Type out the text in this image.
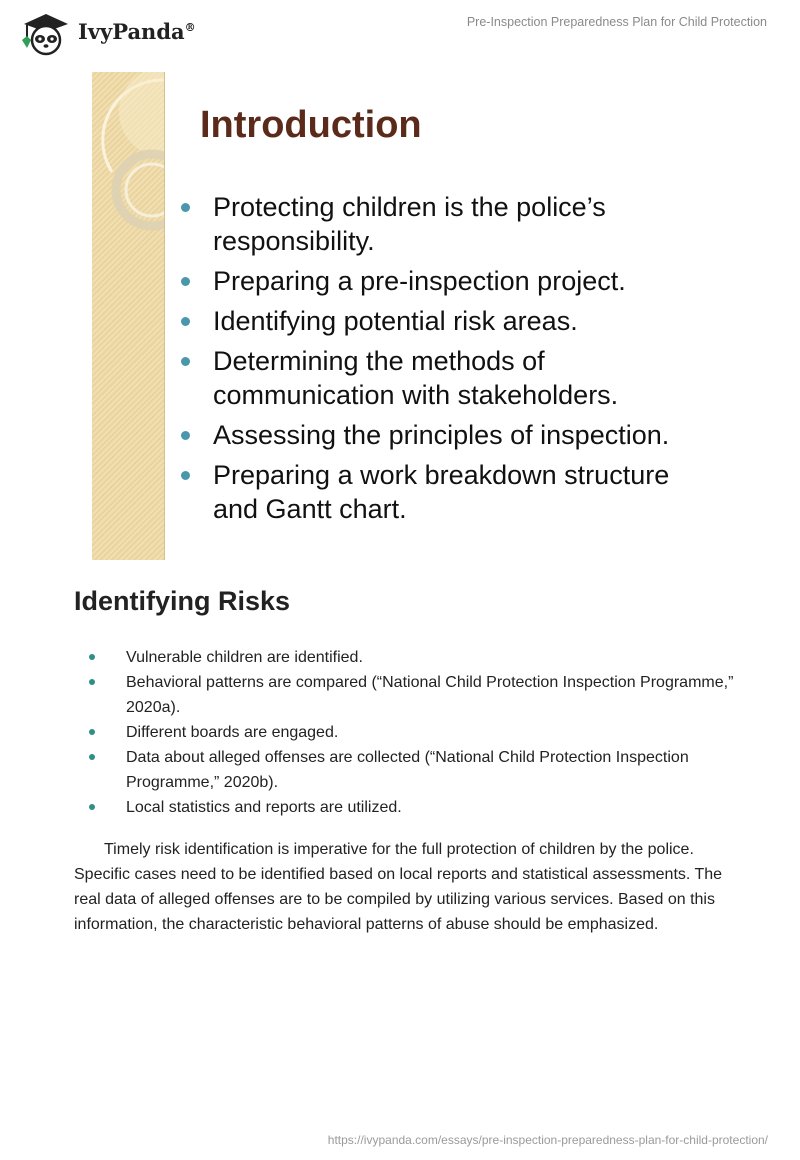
IvyPanda®	Pre-Inspection Preparedness Plan for Child Protection
Introduction
Protecting children is the police’s responsibility.
Preparing a pre-inspection project.
Identifying potential risk areas.
Determining the methods of communication with stakeholders.
Assessing the principles of inspection.
Preparing a work breakdown structure and Gantt chart.
Identifying Risks
Vulnerable children are identified.
Behavioral patterns are compared (“National Child Protection Inspection Programme,” 2020a).
Different boards are engaged.
Data about alleged offenses are collected (“National Child Protection Inspection Programme,” 2020b).
Local statistics and reports are utilized.

Timely risk identification is imperative for the full protection of children by the police. Specific cases need to be identified based on local reports and statistical assessments. The real data of alleged offenses are to be compiled by utilizing various services. Based on this information, the characteristic behavioral patterns of abuse should be emphasized.

https://ivypanda.com/essays/pre-inspection-preparedness-plan-for-child-protection/
